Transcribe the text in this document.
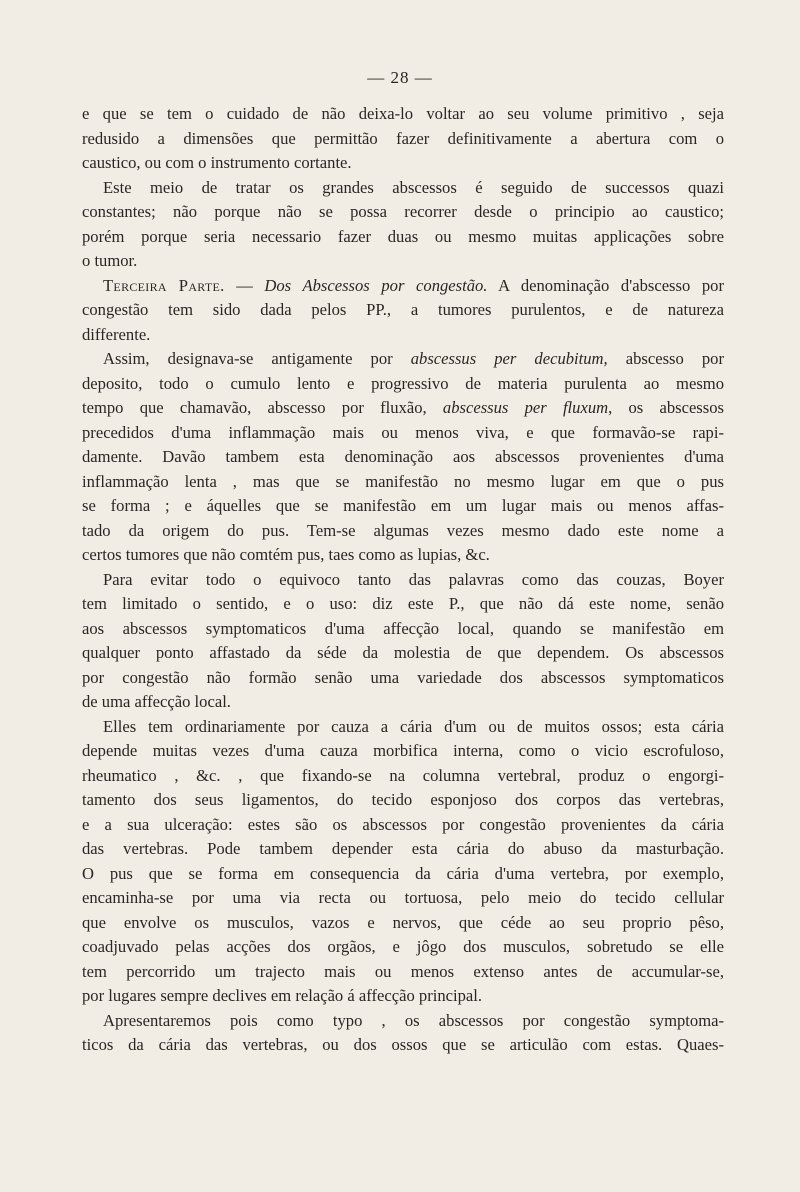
— 28 —
e que se tem o cuidado de não deixa-lo voltar ao seu volume primitivo , seja
redusido a dimensões que permittão fazer definitivamente a abertura com o
caustico, ou com o instrumento cortante.
Este meio de tratar os grandes abscessos é seguido de successos quazi
constantes; não porque não se possa recorrer desde o principio ao caustico;
porém porque seria necessario fazer duas ou mesmo muitas applicações sobre
o tumor.
Terceira Parte. — Dos Abscessos por congestão. A denominação d'abscesso por
congestão tem sido dada pelos PP., a tumores purulentos, e de natureza
differente.
Assim, designava-se antigamente por abscessus per decubitum, abscesso por
deposito, todo o cumulo lento e progressivo de materia purulenta ao mesmo
tempo que chamavão, abscesso por fluxão, abscessus per fluxum, os abscessos
precedidos d'uma inflammação mais ou menos viva, e que formavão-se rapi-
damente. Davão tambem esta denominação aos abscessos provenientes d'uma
inflammação lenta , mas que se manifestão no mesmo lugar em que o pus
se forma ; e áquelles que se manifestão em um lugar mais ou menos affas-
tado da origem do pus. Tem-se algumas vezes mesmo dado este nome a
certos tumores que não comtém pus, taes como as lupias, &c.
Para evitar todo o equivoco tanto das palavras como das couzas, Boyer
tem limitado o sentido, e o uso: diz este P., que não dá este nome, senão
aos abscessos symptomaticos d'uma affecção local, quando se manifestão em
qualquer ponto affastado da séde da molestia de que dependem. Os abscessos
por congestão não formão senão uma variedade dos abscessos symptomaticos
de uma affecção local.
Elles tem ordinariamente por cauza a cária d'um ou de muitos ossos; esta cária
depende muitas vezes d'uma cauza morbifica interna, como o vicio escrofuloso,
rheumatico , &c. , que fixando-se na columna vertebral, produz o engorgi-
tamento dos seus ligamentos, do tecido esponjoso dos corpos das vertebras,
e a sua ulceração: estes são os abscessos por congestão provenientes da cária
das vertebras. Pode tambem depender esta cária do abuso da masturbação.
O pus que se forma em consequencia da cária d'uma vertebra, por exemplo,
encaminha-se por uma via recta ou tortuosa, pelo meio do tecido cellular
que envolve os musculos, vazos e nervos, que céde ao seu proprio pêso,
coadjuvado pelas acções dos orgãos, e jôgo dos musculos, sobretudo se elle
tem percorrido um trajecto mais ou menos extenso antes de accumular-se,
por lugares sempre declives em relação á affecção principal.
Apresentaremos pois como typo , os abscessos por congestão symptoma-
ticos da cária das vertebras, ou dos ossos que se articulão com estas. Quaes-
